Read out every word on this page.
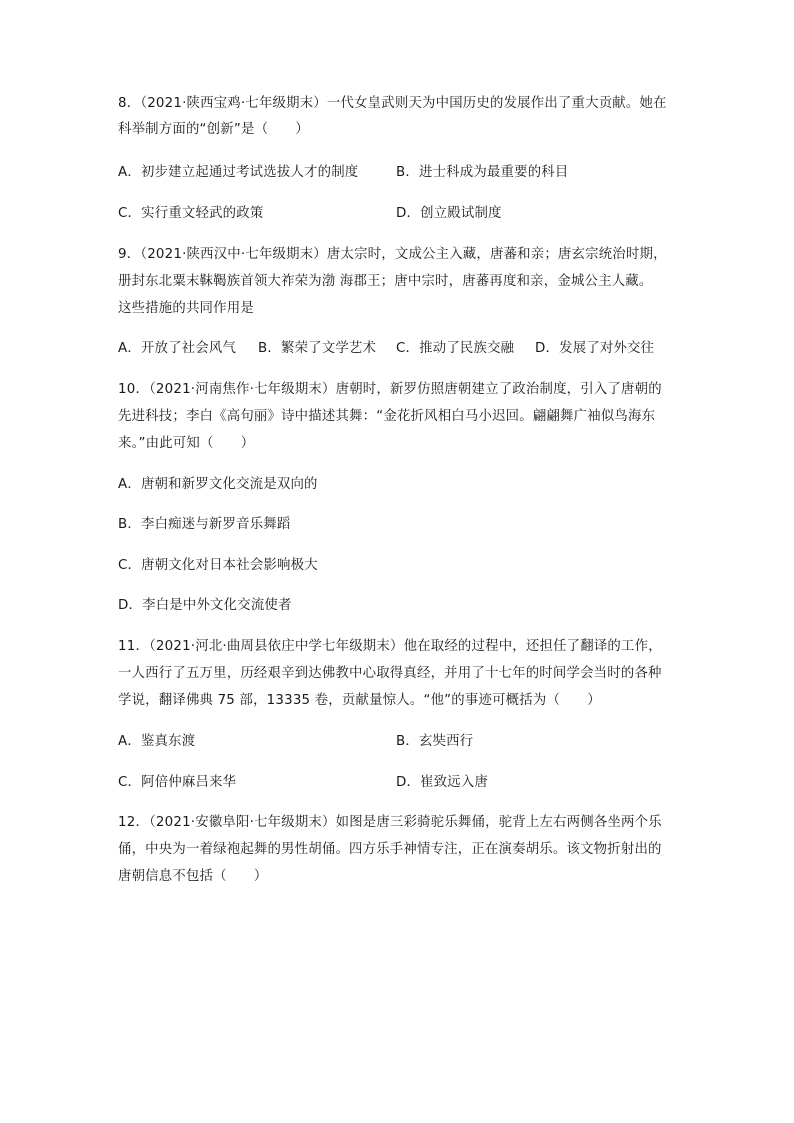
8．（2021·陕西宝鸡·七年级期末）一代女皇武则天为中国历史的发展作出了重大贡献。她在
科举制方面的“创新”是（　　）
A．初步建立起通过考试选拔人才的制度	B．进士科成为最重要的科目
C．实行重文轻武的政策	D．创立殿试制度
9．（2021·陕西汉中·七年级期末）唐太宗时，文成公主入藏，唐蕃和亲；唐玄宗统治时期，
册封东北粟末靺鞨族首领大祚荣为渤 海郡王；唐中宗时，唐蕃再度和亲，金城公主人藏。
这些措施的共同作用是
A．开放了社会风气 B．繁荣了文学艺术 C．推动了民族交融 D．发展了对外交往
10．（2021·河南焦作·七年级期末）唐朝时，新罗仿照唐朝建立了政治制度，引入了唐朝的
先进科技；李白《高句丽》诗中描述其舞：“金花折风相白马小迟回。翩翩舞广袖似鸟海东
来。”由此可知（　　）
A．唐朝和新罗文化交流是双向的
B．李白痴迷与新罗音乐舞蹈
C．唐朝文化对日本社会影响极大
D．李白是中外文化交流使者
11．（2021·河北·曲周县依庄中学七年级期末）他在取经的过程中，还担任了翻译的工作，
一人西行了五万里，历经艰辛到达佛教中心取得真经，并用了十七年的时间学会当时的各种
学说，翻译佛典 75 部，13335 卷，贡献量惊人。“他”的事迹可概括为（　　）
A．鉴真东渡	B．玄奘西行
C．阿倍仲麻吕来华	D．崔致远入唐
12．（2021·安徽阜阳·七年级期末）如图是唐三彩骑驼乐舞俑，驼背上左右两侧各坐两个乐
俑，中央为一着绿袍起舞的男性胡俑。四方乐手神情专注，正在演奏胡乐。该文物折射出的
唐朝信息不包括（　　）
